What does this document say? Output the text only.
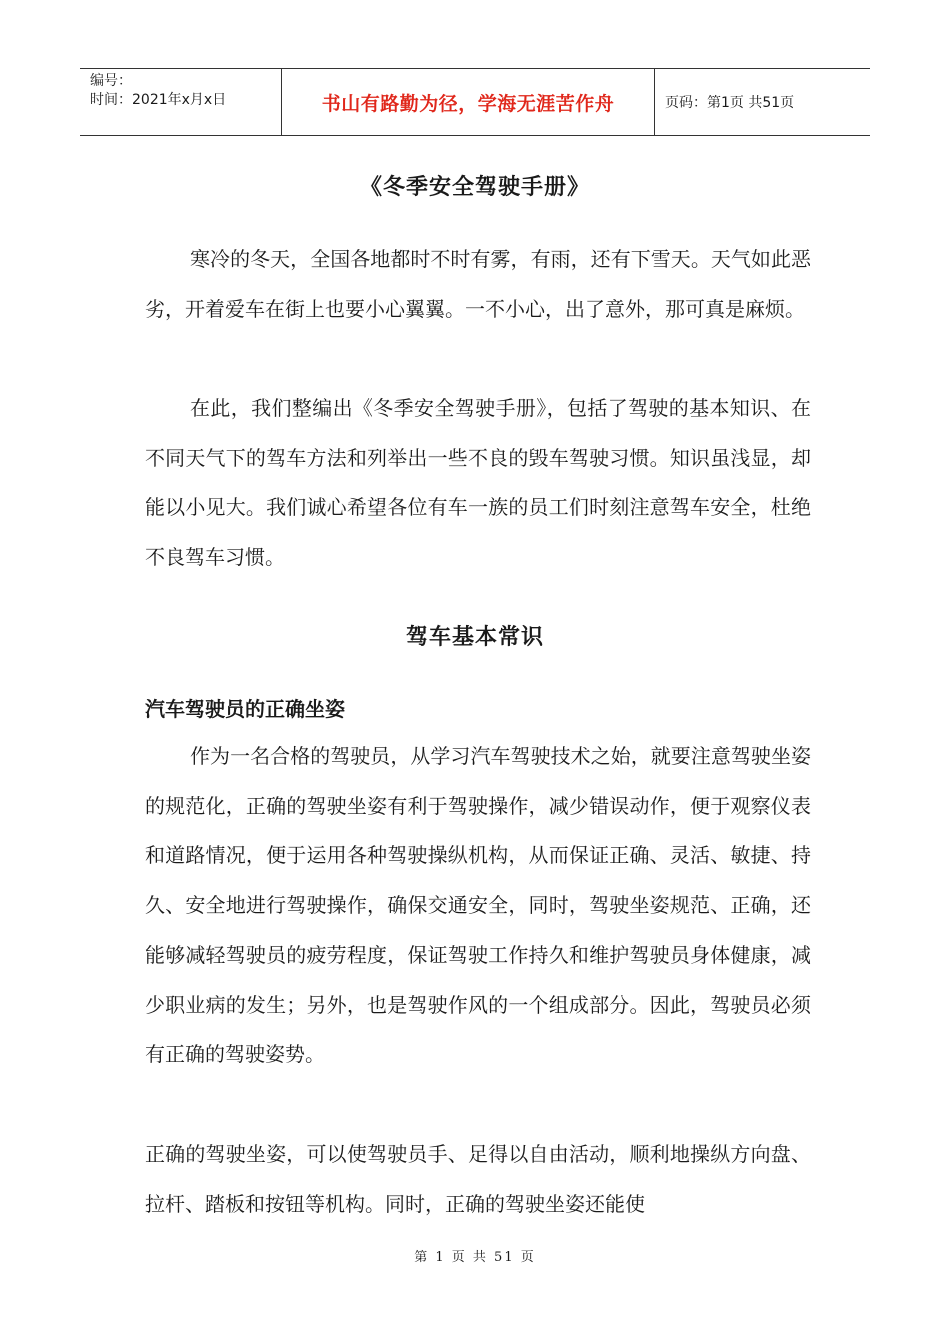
编号：
时间：2021年x月x日	书山有路勤为径，学海无涯苦作舟	页码：第1页 共51页
《冬季安全驾驶手册》

寒冷的冬天，全国各地都时不时有雾，有雨，还有下雪天。天气如此恶劣，开着爱车在街上也要小心翼翼。一不小心，出了意外，那可真是麻烦。

在此，我们整编出《冬季安全驾驶手册》，包括了驾驶的基本知识、在不同天气下的驾车方法和列举出一些不良的毁车驾驶习惯。知识虽浅显，却能以小见大。我们诚心希望各位有车一族的员工们时刻注意驾车安全，杜绝不良驾车习惯。

驾车基本常识
汽车驾驶员的正确坐姿

作为一名合格的驾驶员，从学习汽车驾驶技术之始，就要注意驾驶坐姿的规范化，正确的驾驶坐姿有利于驾驶操作，减少错误动作，便于观察仪表和道路情况，便于运用各种驾驶操纵机构，从而保证正确、灵活、敏捷、持久、安全地进行驾驶操作，确保交通安全，同时，驾驶坐姿规范、正确，还能够减轻驾驶员的疲劳程度，保证驾驶工作持久和维护驾驶员身体健康，减少职业病的发生；另外，也是驾驶作风的一个组成部分。因此，驾驶员必须有正确的驾驶姿势。

正确的驾驶坐姿，可以使驾驶员手、足得以自由活动，顺利地操纵方向盘、拉杆、踏板和按钮等机构。同时，正确的驾驶坐姿还能使

第 1 页 共 51 页
